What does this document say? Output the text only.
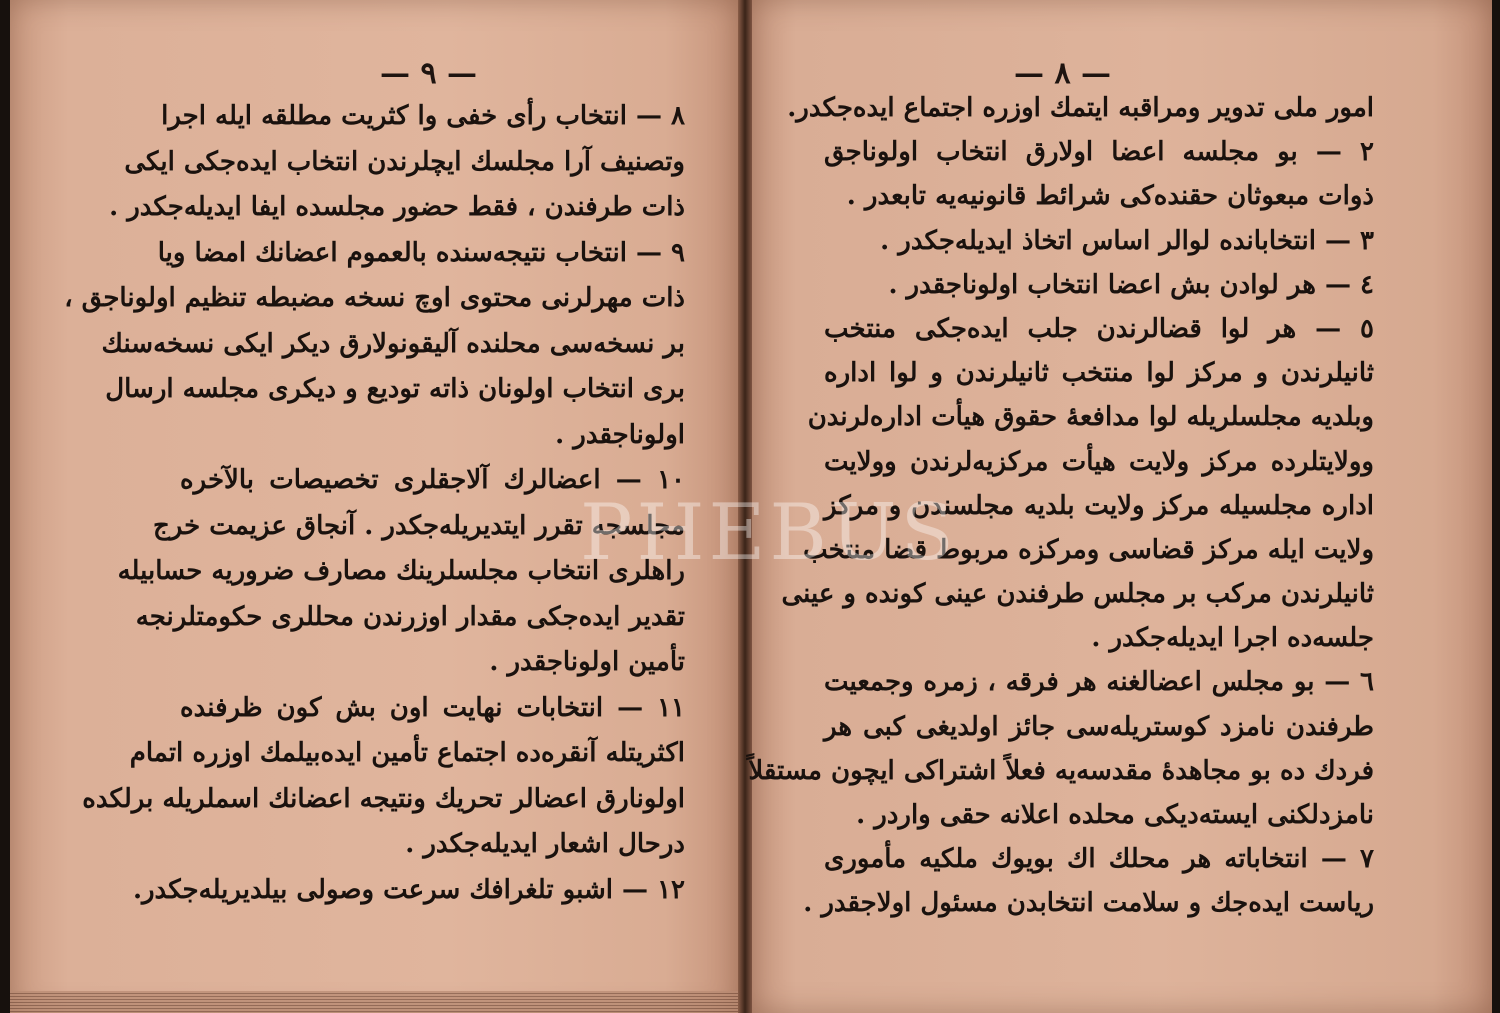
— ٩ —
٨ — انتخاب رأى خفى وا كثريت مطلقه ايله اجرا
وتصنيف آرا مجلسك ايچلرندن انتخاب ايده‌جكى ايكى
ذات طرفندن ، فقط حضور مجلسده ايفا ايديله‌جكدر .
٩ — انتخاب نتيجه‌سنده بالعموم اعضانك امضا ويا
ذات مهرلرنى محتوى اوچ نسخه مضبطه تنظيم اولوناجق ،
بر نسخه‌سى محلنده آليقونولارق ديكر ايكى نسخه‌سنك
برى انتخاب اولونان ذاته توديع و ديكرى مجلسه ارسال
اولوناجقدر .
١٠ — اعضالرك آلاجقلرى تخصيصات بالآخره
مجلسجه تقرر ايتديريله‌جكدر . آنجاق عزيمت خرج
راهلرى انتخاب مجلسلرينك مصارف ضروريه حسابيله
تقدير ايده‌جكى مقدار اوزرندن محللرى حكومتلرنجه
تأمين اولوناجقدر .
١١ — انتخابات نهايت اون بش كون ظرفنده
اكثريتله آنقره‌ده اجتماع تأمين ايده‌بيلمك اوزره اتمام
اولونارق اعضالر تحريك ونتيجه اعضانك اسملريله برلكده
درحال اشعار ايديله‌جكدر .
١٢ — اشبو تلغرافك سرعت وصولى بيلديريله‌جكدر.
— ٨ —
امور ملى تدوير ومراقبه ايتمك اوزره اجتماع ايده‌جكدر.
٢ — بو مجلسه اعضا اولارق انتخاب اولوناجق
ذوات مبعوثان حقنده‌كى شرائط قانونيه‌يه تابعدر .
٣ — انتخابانده لوالر اساس اتخاذ ايديله‌جكدر .
٤ — هر لوادن بش اعضا انتخاب اولوناجقدر .
٥ — هر لوا قضالرندن جلب ايده‌جكى منتخب
ثانيلرندن و مركز لوا منتخب ثانيلرندن و لوا اداره
وبلديه مجلسلريله لوا مدافعهٔ حقوق هيأت اداره‌لرندن
وولايتلرده مركز ولايت هيأت مركزيه‌لرندن وولايت
اداره مجلسيله مركز ولايت بلديه مجلسندن و مركز
ولايت ايله مركز قضاسى ومركزه مربوط قضا منتخب
ثانيلرندن مركب بر مجلس طرفندن عينى كونده و عينى
جلسه‌ده اجرا ايديله‌جكدر .
٦ — بو مجلس اعضالغنه هر فرقه ، زمره وجمعيت
طرفندن نامزد كوستريله‌سى جائز اولديغى كبى هر
فردك ده بو مجاهدهٔ مقدسه‌يه فعلاً اشتراكى ايچون مستقلاً
نامزدلكنى ايسته‌ديكى محلده اعلانه حقى واردر .
٧ — انتخاباته هر محلك اك بويوك ملكيه مأمورى
رياست ايده‌جك و سلامت انتخابدن مسئول اولاجقدر .
PHEBUS
